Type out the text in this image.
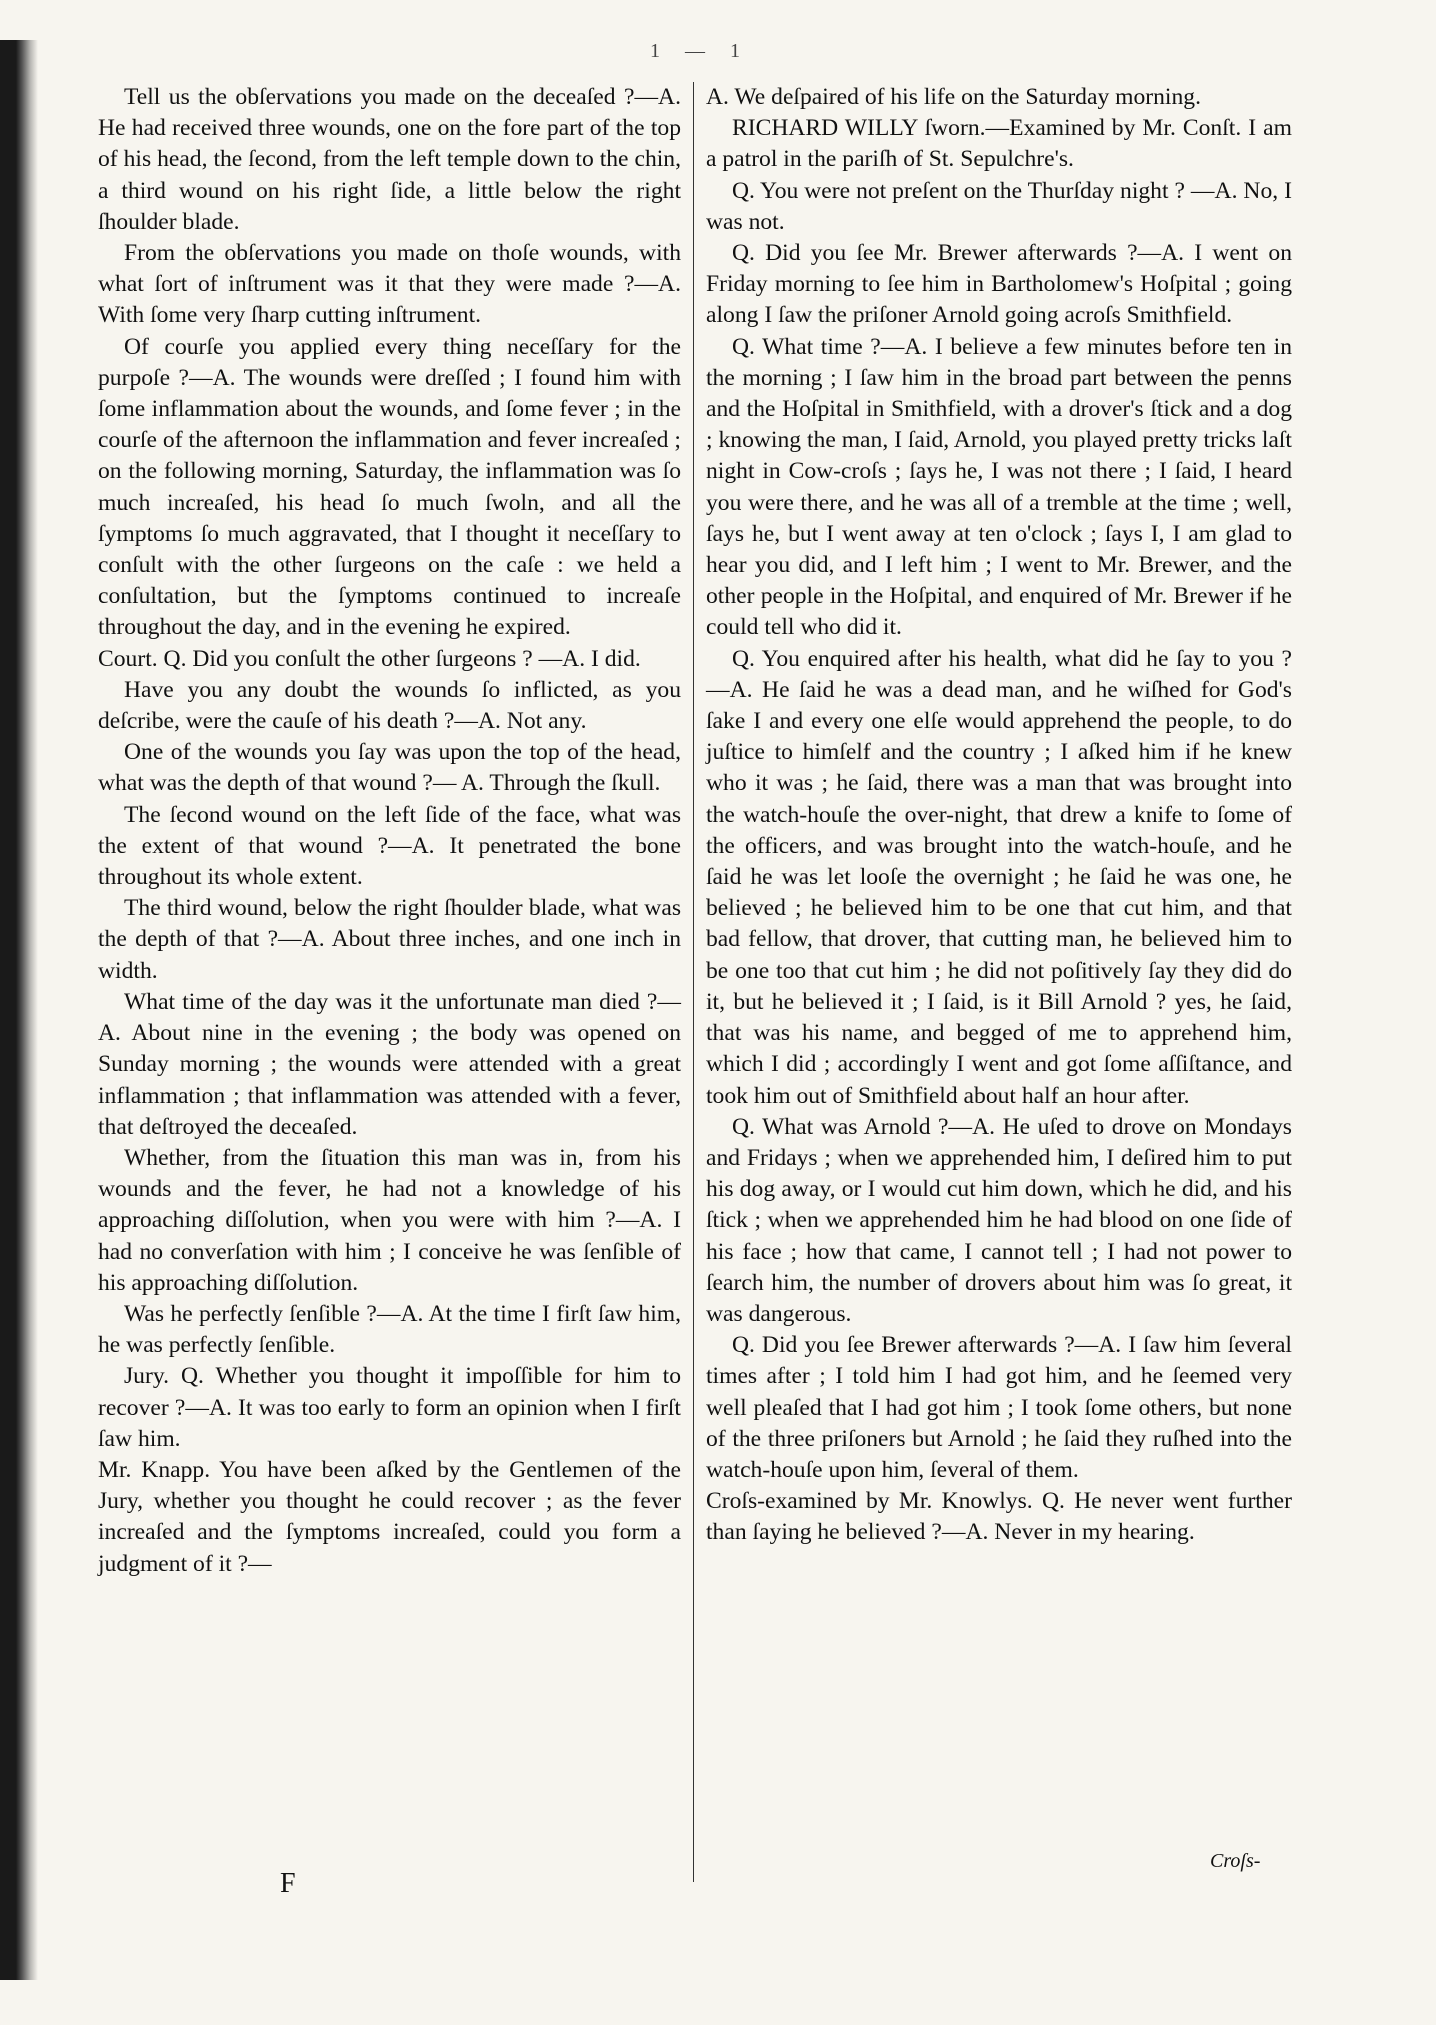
1 — 1

Tell us the obſervations you made on the deceaſed ?—A. He had received three wounds, one on the fore part of the top of his head, the ſecond, from the left temple down to the chin, a third wound on his right ſide, a little below the right ſhoulder blade.

From the obſervations you made on thoſe wounds, with what ſort of inſtrument was it that they were made ?—A. With ſome very ſharp cutting inſtrument.

Of courſe you applied every thing neceſſary for the purpoſe ?—A. The wounds were dreſſed ; I found him with ſome inflammation about the wounds, and ſome fever ; in the courſe of the afternoon the inflammation and fever increaſed ; on the following morning, Saturday, the inflammation was ſo much increaſed, his head ſo much ſwoln, and all the ſymptoms ſo much aggravated, that I thought it neceſſary to conſult with the other ſurgeons on the caſe : we held a conſultation, but the ſymptoms continued to increaſe throughout the day, and in the evening he expired.

Court. Q. Did you conſult the other ſurgeons ? —A. I did.

Have you any doubt the wounds ſo inflicted, as you deſcribe, were the cauſe of his death ?—A. Not any.

One of the wounds you ſay was upon the top of the head, what was the depth of that wound ?— A. Through the ſkull.

The ſecond wound on the left ſide of the face, what was the extent of that wound ?—A. It penetrated the bone throughout its whole extent.

The third wound, below the right ſhoulder blade, what was the depth of that ?—A. About three inches, and one inch in width.

What time of the day was it the unfortunate man died ?—A. About nine in the evening ; the body was opened on Sunday morning ; the wounds were attended with a great inflammation ; that inflammation was attended with a fever, that deſtroyed the deceaſed.

Whether, from the ſituation this man was in, from his wounds and the fever, he had not a knowledge of his approaching diſſolution, when you were with him ?—A. I had no converſation with him ; I conceive he was ſenſible of his approaching diſſolution.

Was he perfectly ſenſible ?—A. At the time I firſt ſaw him, he was perfectly ſenſible.

Jury. Q. Whether you thought it impoſſible for him to recover ?—A. It was too early to form an opinion when I firſt ſaw him.

Mr. Knapp. You have been aſked by the Gentlemen of the Jury, whether you thought he could recover ; as the fever increaſed and the ſymptoms increaſed, could you form a judgment of it ?—

A. We deſpaired of his life on the Saturday morning.

RICHARD WILLY ſworn.—Examined by Mr. Conſt. I am a patrol in the pariſh of St. Sepulchre's.

Q. You were not preſent on the Thurſday night ? —A. No, I was not.

Q. Did you ſee Mr. Brewer afterwards ?—A. I went on Friday morning to ſee him in Bartholomew's Hoſpital ; going along I ſaw the priſoner Arnold going acroſs Smithfield.

Q. What time ?—A. I believe a few minutes before ten in the morning ; I ſaw him in the broad part between the penns and the Hoſpital in Smithfield, with a drover's ſtick and a dog ; knowing the man, I ſaid, Arnold, you played pretty tricks laſt night in Cow-croſs ; ſays he, I was not there ; I ſaid, I heard you were there, and he was all of a tremble at the time ; well, ſays he, but I went away at ten o'clock ; ſays I, I am glad to hear you did, and I left him ; I went to Mr. Brewer, and the other people in the Hoſpital, and enquired of Mr. Brewer if he could tell who did it.

Q. You enquired after his health, what did he ſay to you ?—A. He ſaid he was a dead man, and he wiſhed for God's ſake I and every one elſe would apprehend the people, to do juſtice to himſelf and the country ; I aſked him if he knew who it was ; he ſaid, there was a man that was brought into the watch-houſe the over-night, that drew a knife to ſome of the officers, and was brought into the watch-houſe, and he ſaid he was let looſe the overnight ; he ſaid he was one, he believed ; he believed him to be one that cut him, and that bad fellow, that drover, that cutting man, he believed him to be one too that cut him ; he did not poſitively ſay they did do it, but he believed it ; I ſaid, is it Bill Arnold ? yes, he ſaid, that was his name, and begged of me to apprehend him, which I did ; accordingly I went and got ſome aſſiſtance, and took him out of Smithfield about half an hour after.

Q. What was Arnold ?—A. He uſed to drove on Mondays and Fridays ; when we apprehended him, I deſired him to put his dog away, or I would cut him down, which he did, and his ſtick ; when we apprehended him he had blood on one ſide of his face ; how that came, I cannot tell ; I had not power to ſearch him, the number of drovers about him was ſo great, it was dangerous.

Q. Did you ſee Brewer afterwards ?—A. I ſaw him ſeveral times after ; I told him I had got him, and he ſeemed very well pleaſed that I had got him ; I took ſome others, but none of the three priſoners but Arnold ; he ſaid they ruſhed into the watch-houſe upon him, ſeveral of them.

Croſs-examined by Mr. Knowlys. Q. He never went further than ſaying he believed ?—A. Never in my hearing.

F
Croſs-
